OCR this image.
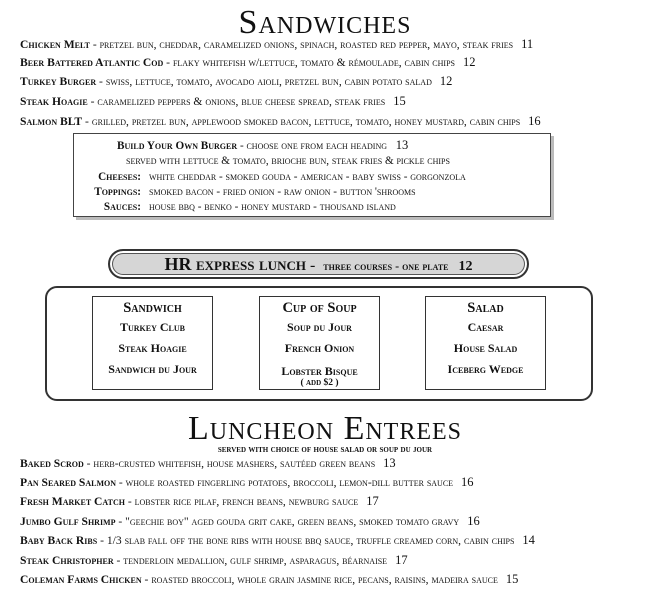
Sandwiches
Chicken Melt - pretzel bun, cheddar, caramelized onions, spinach, roasted red pepper, mayo, steak fries 11
Beer Battered Atlantic Cod - flaky whitefish w/lettuce, tomato & rémoulade, cabin chips 12
Turkey Burger - swiss, lettuce, tomato, avocado aioli, pretzel bun, cabin potato salad 12
Steak Hoagie - caramelized peppers & onions, blue cheese spread, steak fries 15
Salmon BLT - grilled, pretzel bun, applewood smoked bacon, lettuce, tomato, honey mustard, cabin chips 16
Build Your Own Burger - choose one from each heading 13
served with lettuce & tomato, brioche bun, steak fries & pickle chips
Cheeses: white cheddar - smoked gouda - american - baby swiss - gorgonzola
Toppings: smoked bacon - fried onion - raw onion - button 'shrooms
Sauces: house bbq - benko - honey mustard - thousand island
HR express lunch - three courses - one plate 12
Sandwich
Turkey Club
Steak Hoagie
Sandwich du Jour
Cup of Soup
Soup du Jour
French Onion
Lobster Bisque
( add $2 )
Salad
Caesar
House Salad
Iceberg Wedge
Luncheon Entrees
served with choice of house salad or soup du jour
Baked Scrod - herb-crusted whitefish, house mashers, sautéed green beans 13
Pan Seared Salmon - whole roasted fingerling potatoes, broccoli, lemon-dill butter sauce 16
Fresh Market Catch - lobster rice pilaf, french beans, newburg sauce 17
Jumbo Gulf Shrimp - "geechie boy" aged gouda grit cake, green beans, smoked tomato gravy 16
Baby Back Ribs - 1/3 slab fall off the bone ribs with house bbq sauce, truffle creamed corn, cabin chips 14
Steak Christopher - tenderloin medallion, gulf shrimp, asparagus, béarnaise 17
Coleman Farms Chicken - roasted broccoli, whole grain jasmine rice, pecans, raisins, madeira sauce 15
